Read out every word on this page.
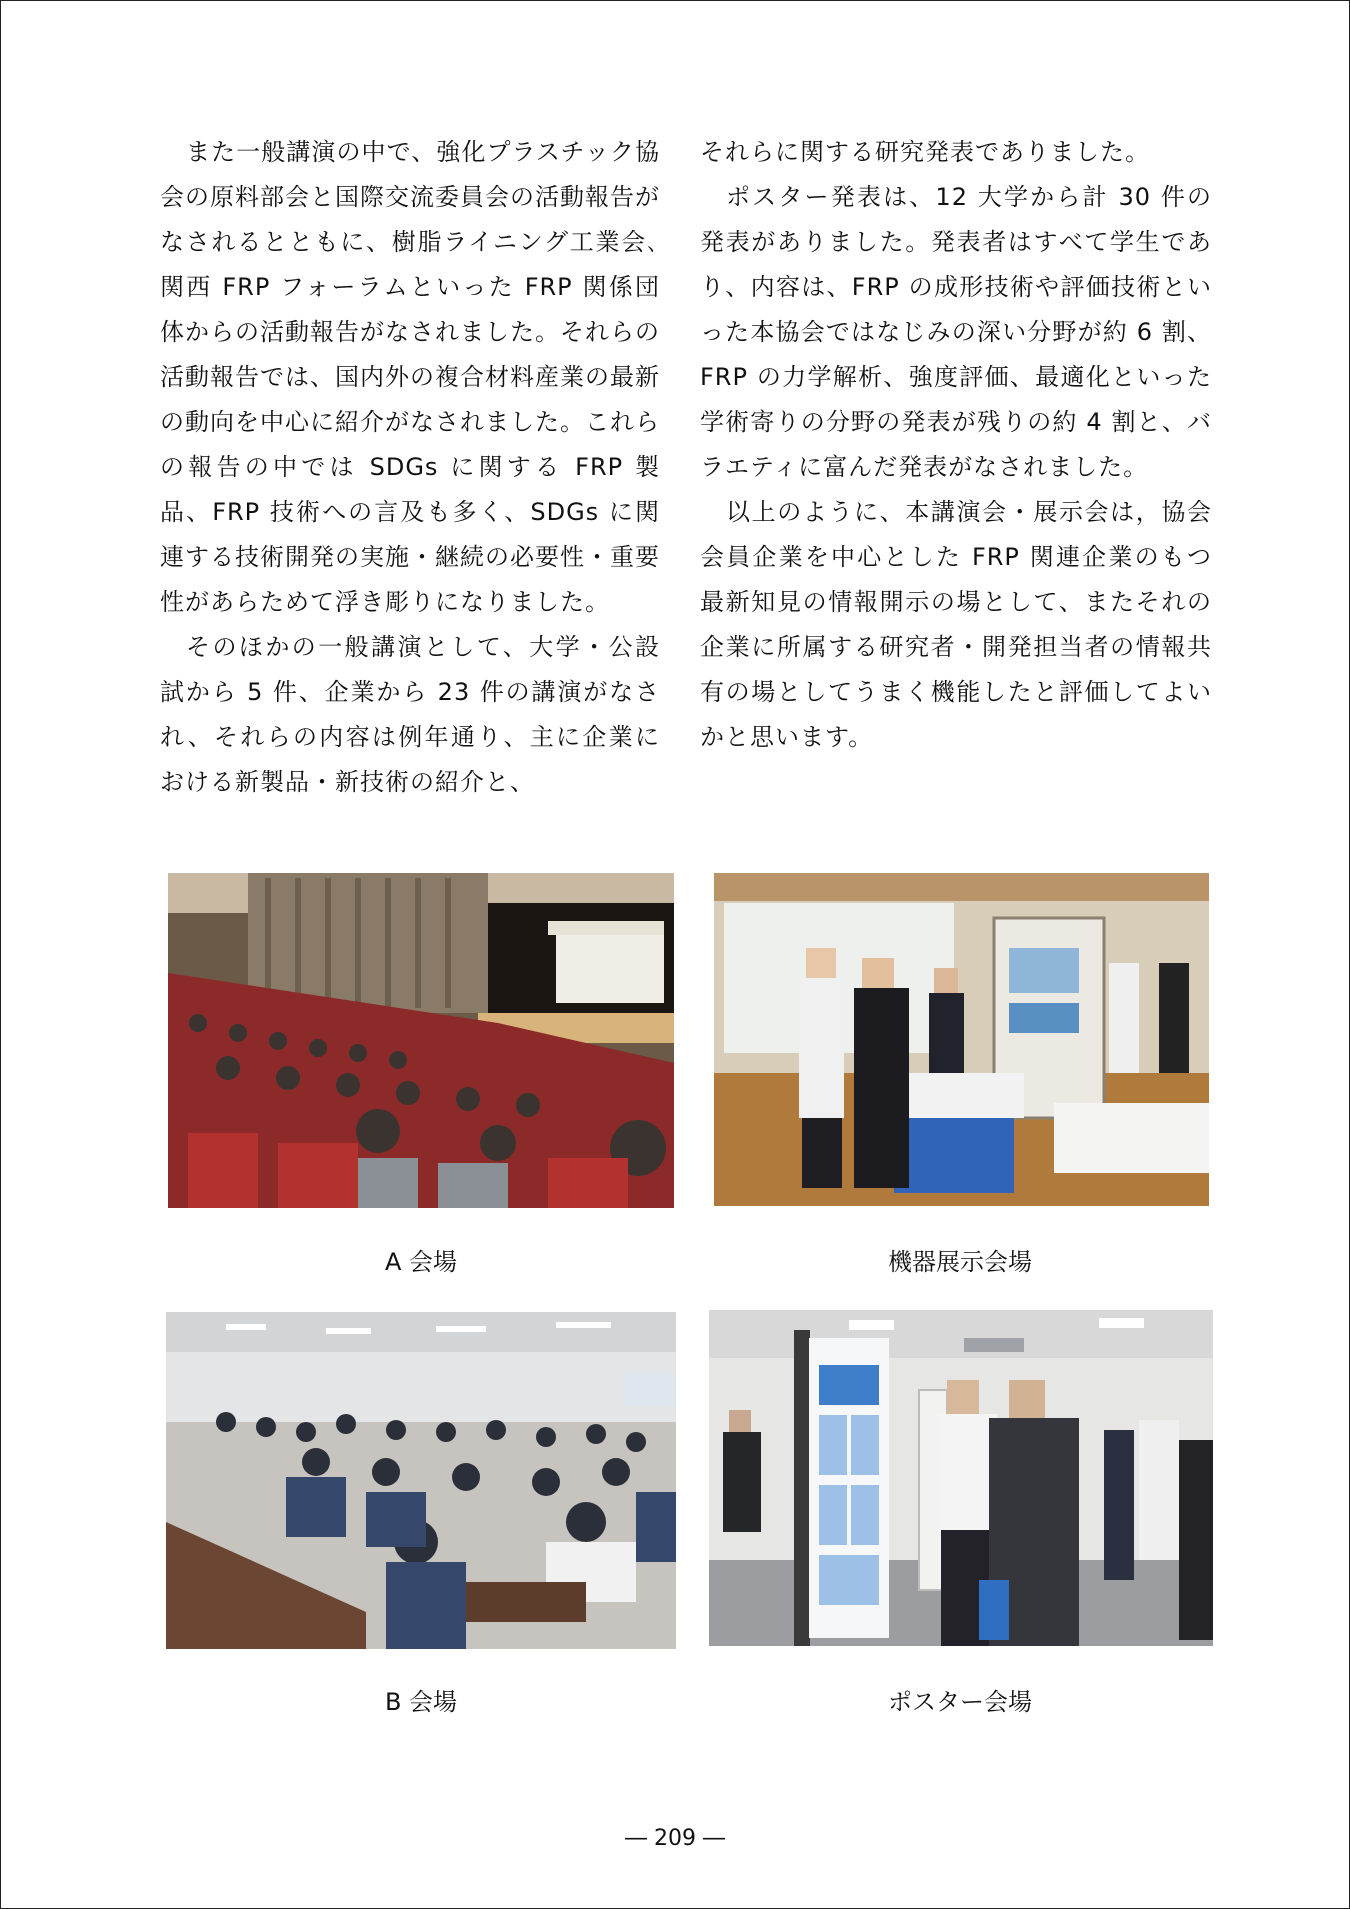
また一般講演の中で、強化プラスチック協会の原料部会と国際交流委員会の活動報告がなされるとともに、樹脂ライニング工業会､関西 FRP フォーラムといった FRP 関係団体からの活動報告がなされました。それらの活動報告では、国内外の複合材料産業の最新の動向を中心に紹介がなされました。これらの報告の中では SDGs に関する FRP 製品、FRP 技術への言及も多く、SDGs に関連する技術開発の実施・継続の必要性・重要性があらためて浮き彫りになりました。

そのほかの一般講演として、大学・公設試から 5 件、企業から 23 件の講演がなされ、それらの内容は例年通り、主に企業における新製品・新技術の紹介と、

それらに関する研究発表でありました。

ポスター発表は、12 大学から計 30 件の発表がありました。発表者はすべて学生であり、内容は、FRP の成形技術や評価技術といった本協会ではなじみの深い分野が約 6 割、FRP の力学解析、強度評価、最適化といった学術寄りの分野の発表が残りの約 4 割と、バラエティに富んだ発表がなされました。

以上のように、本講演会・展示会は，協会会員企業を中心とした FRP 関連企業のもつ最新知見の情報開示の場として、またそれの企業に所属する研究者・開発担当者の情報共有の場としてうまく機能したと評価してよいかと思います。

A 会場	機器展示会場
B 会場	ポスター会場
― 209 ―
